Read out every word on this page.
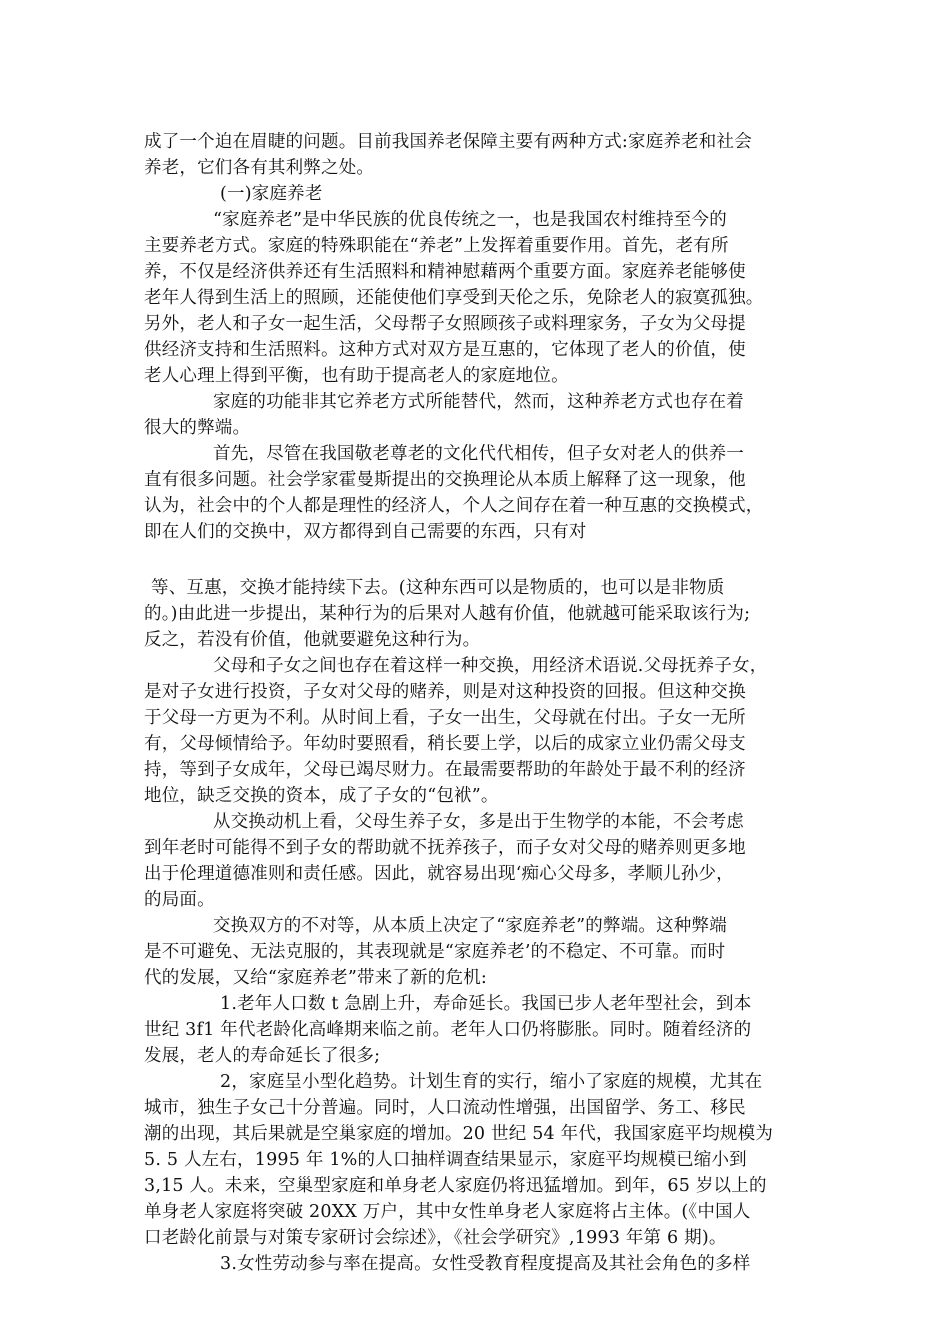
成了一个迫在眉睫的问题。目前我国养老保障主要有两种方式:家庭养老和社会
养老，它们各有其利弊之处。
(一)家庭养老
“家庭养老”是中华民族的优良传统之一，也是我国农村维持至今的
主要养老方式。家庭的特殊职能在“养老”上发挥着重要作用。首先，老有所
养，不仅是经济供养还有生活照料和精神慰藉两个重要方面。家庭养老能够使
老年人得到生活上的照顾，还能使他们享受到天伦之乐，免除老人的寂寞孤独。
另外，老人和子女一起生活，父母帮子女照顾孩子或料理家务，子女为父母提
供经济支持和生活照料。这种方式对双方是互惠的，它体现了老人的价值，使
老人心理上得到平衡，也有助于提高老人的家庭地位。
家庭的功能非其它养老方式所能替代，然而，这种养老方式也存在着
很大的弊端。
首先，尽管在我国敬老尊老的文化代代相传，但子女对老人的供养一
直有很多问题。社会学家霍曼斯提出的交换理论从本质上解释了这一现象，他
认为，社会中的个人都是理性的经济人，个人之间存在着一种互惠的交换模式，
即在人们的交换中，双方都得到自己需要的东西，只有对
等、互惠，交换才能持续下去。(这种东西可以是物质的，也可以是非物质
的。)由此进一步提出，某种行为的后果对人越有价值，他就越可能采取该行为;
反之，若没有价值，他就要避免这种行为。
父母和子女之间也存在着这样一种交换，用经济术语说.父母抚养子女，
是对子女进行投资，子女对父母的赌养，则是对这种投资的回报。但这种交换
于父母一方更为不利。从时间上看，子女一出生，父母就在付出。子女一无所
有，父母倾情给予。年幼时要照看，稍长要上学，以后的成家立业仍需父母支
持，等到子女成年，父母已竭尽财力。在最需要帮助的年龄处于最不利的经济
地位，缺乏交换的资本，成了子女的“包袱”。
从交换动机上看，父母生养子女，多是出于生物学的本能，不会考虑
到年老时可能得不到子女的帮助就不抚养孩子，而子女对父母的赌养则更多地
出于伦理道德准则和责任感。因此，就容易出现‘痴心父母多，孝顺儿孙少，
的局面。
交换双方的不对等，从本质上决定了“家庭养老”的弊端。这种弊端
是不可避免、无法克服的，其表现就是“家庭养老’的不稳定、不可靠。而时
代的发展，又给“家庭养老”带来了新的危机:
1.老年人口数 t 急剧上升，寿命延长。我国已步人老年型社会，到本
世纪 3f1 年代老龄化高峰期来临之前。老年人口仍将膨胀。同时。随着经济的
发展，老人的寿命延长了很多;
2，家庭呈小型化趋势。计划生育的实行，缩小了家庭的规模，尤其在
城市，独生子女己十分普遍。同时，人口流动性增强，出国留学、务工、移民
潮的出现，其后果就是空巢家庭的增加。20 世纪 54 年代，我国家庭平均规模为
5. 5 人左右，1995 年 1%的人口抽样调查结果显示，家庭平均规模已缩小到
3,15 人。未来，空巢型家庭和单身老人家庭仍将迅猛增加。到年，65 岁以上的
单身老人家庭将突破 20XX 万户，其中女性单身老人家庭将占主体。(《中国人
口老龄化前景与对策专家研讨会综述》，《社会学研究》,1993 年第 6 期)。
3.女性劳动参与率在提高。女性受教育程度提高及其社会角色的多样
